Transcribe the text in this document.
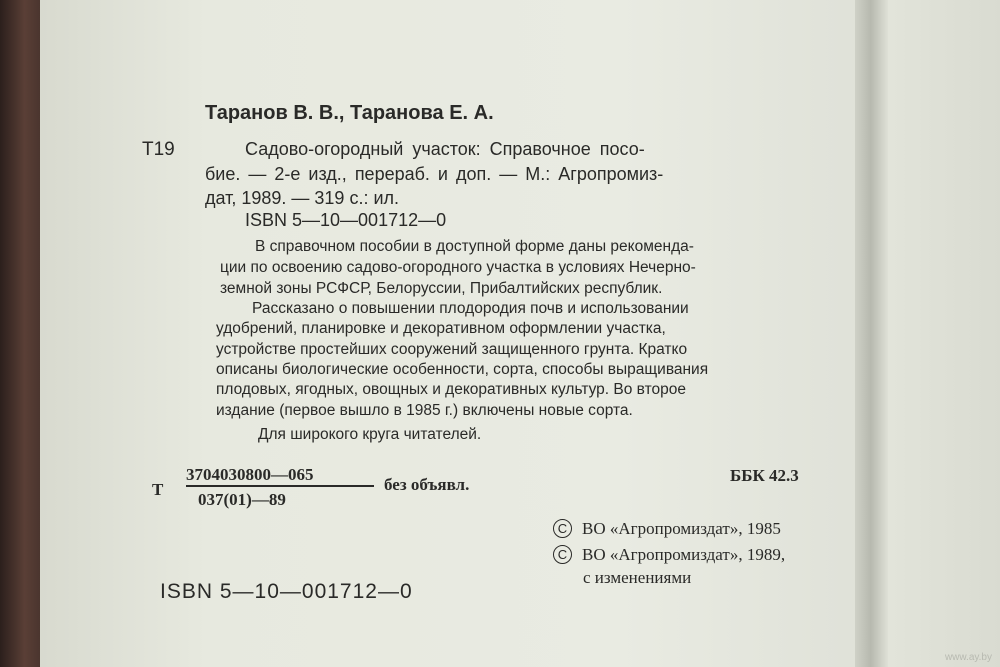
Таранов В. В., Таранова Е. А.
Т19	Садово-огородный участок: Справочное посо-
бие. — 2-е изд., перераб. и доп. — М.: Агропромиз-
дат, 1989. — 319 с.: ил.
ISBN 5—10—001712—0
В справочном пособии в доступной форме даны рекоменда-
ции по освоению садово-огородного участка в условиях Нечерно-
земной зоны РСФСР, Белоруссии, Прибалтийских республик.
Рассказано о повышении плодородия почв и использовании
удобрений, планировке и декоративном оформлении участка,
устройстве простейших сооружений защищенного грунта. Кратко
описаны биологические особенности, сорта, способы выращивания
плодовых, ягодных, овощных и декоративных культур. Во второе
издание (первое вышло в 1985 г.) включены новые сорта.
Для широкого круга читателей.
Т
3704030800—065
037(01)—89
без объявл.	ББК 42.3
C ВО «Агропромиздат», 1985
C ВО «Агропромиздат», 1989,
с изменениями
ISBN 5—10—001712—0
www.ay.by
